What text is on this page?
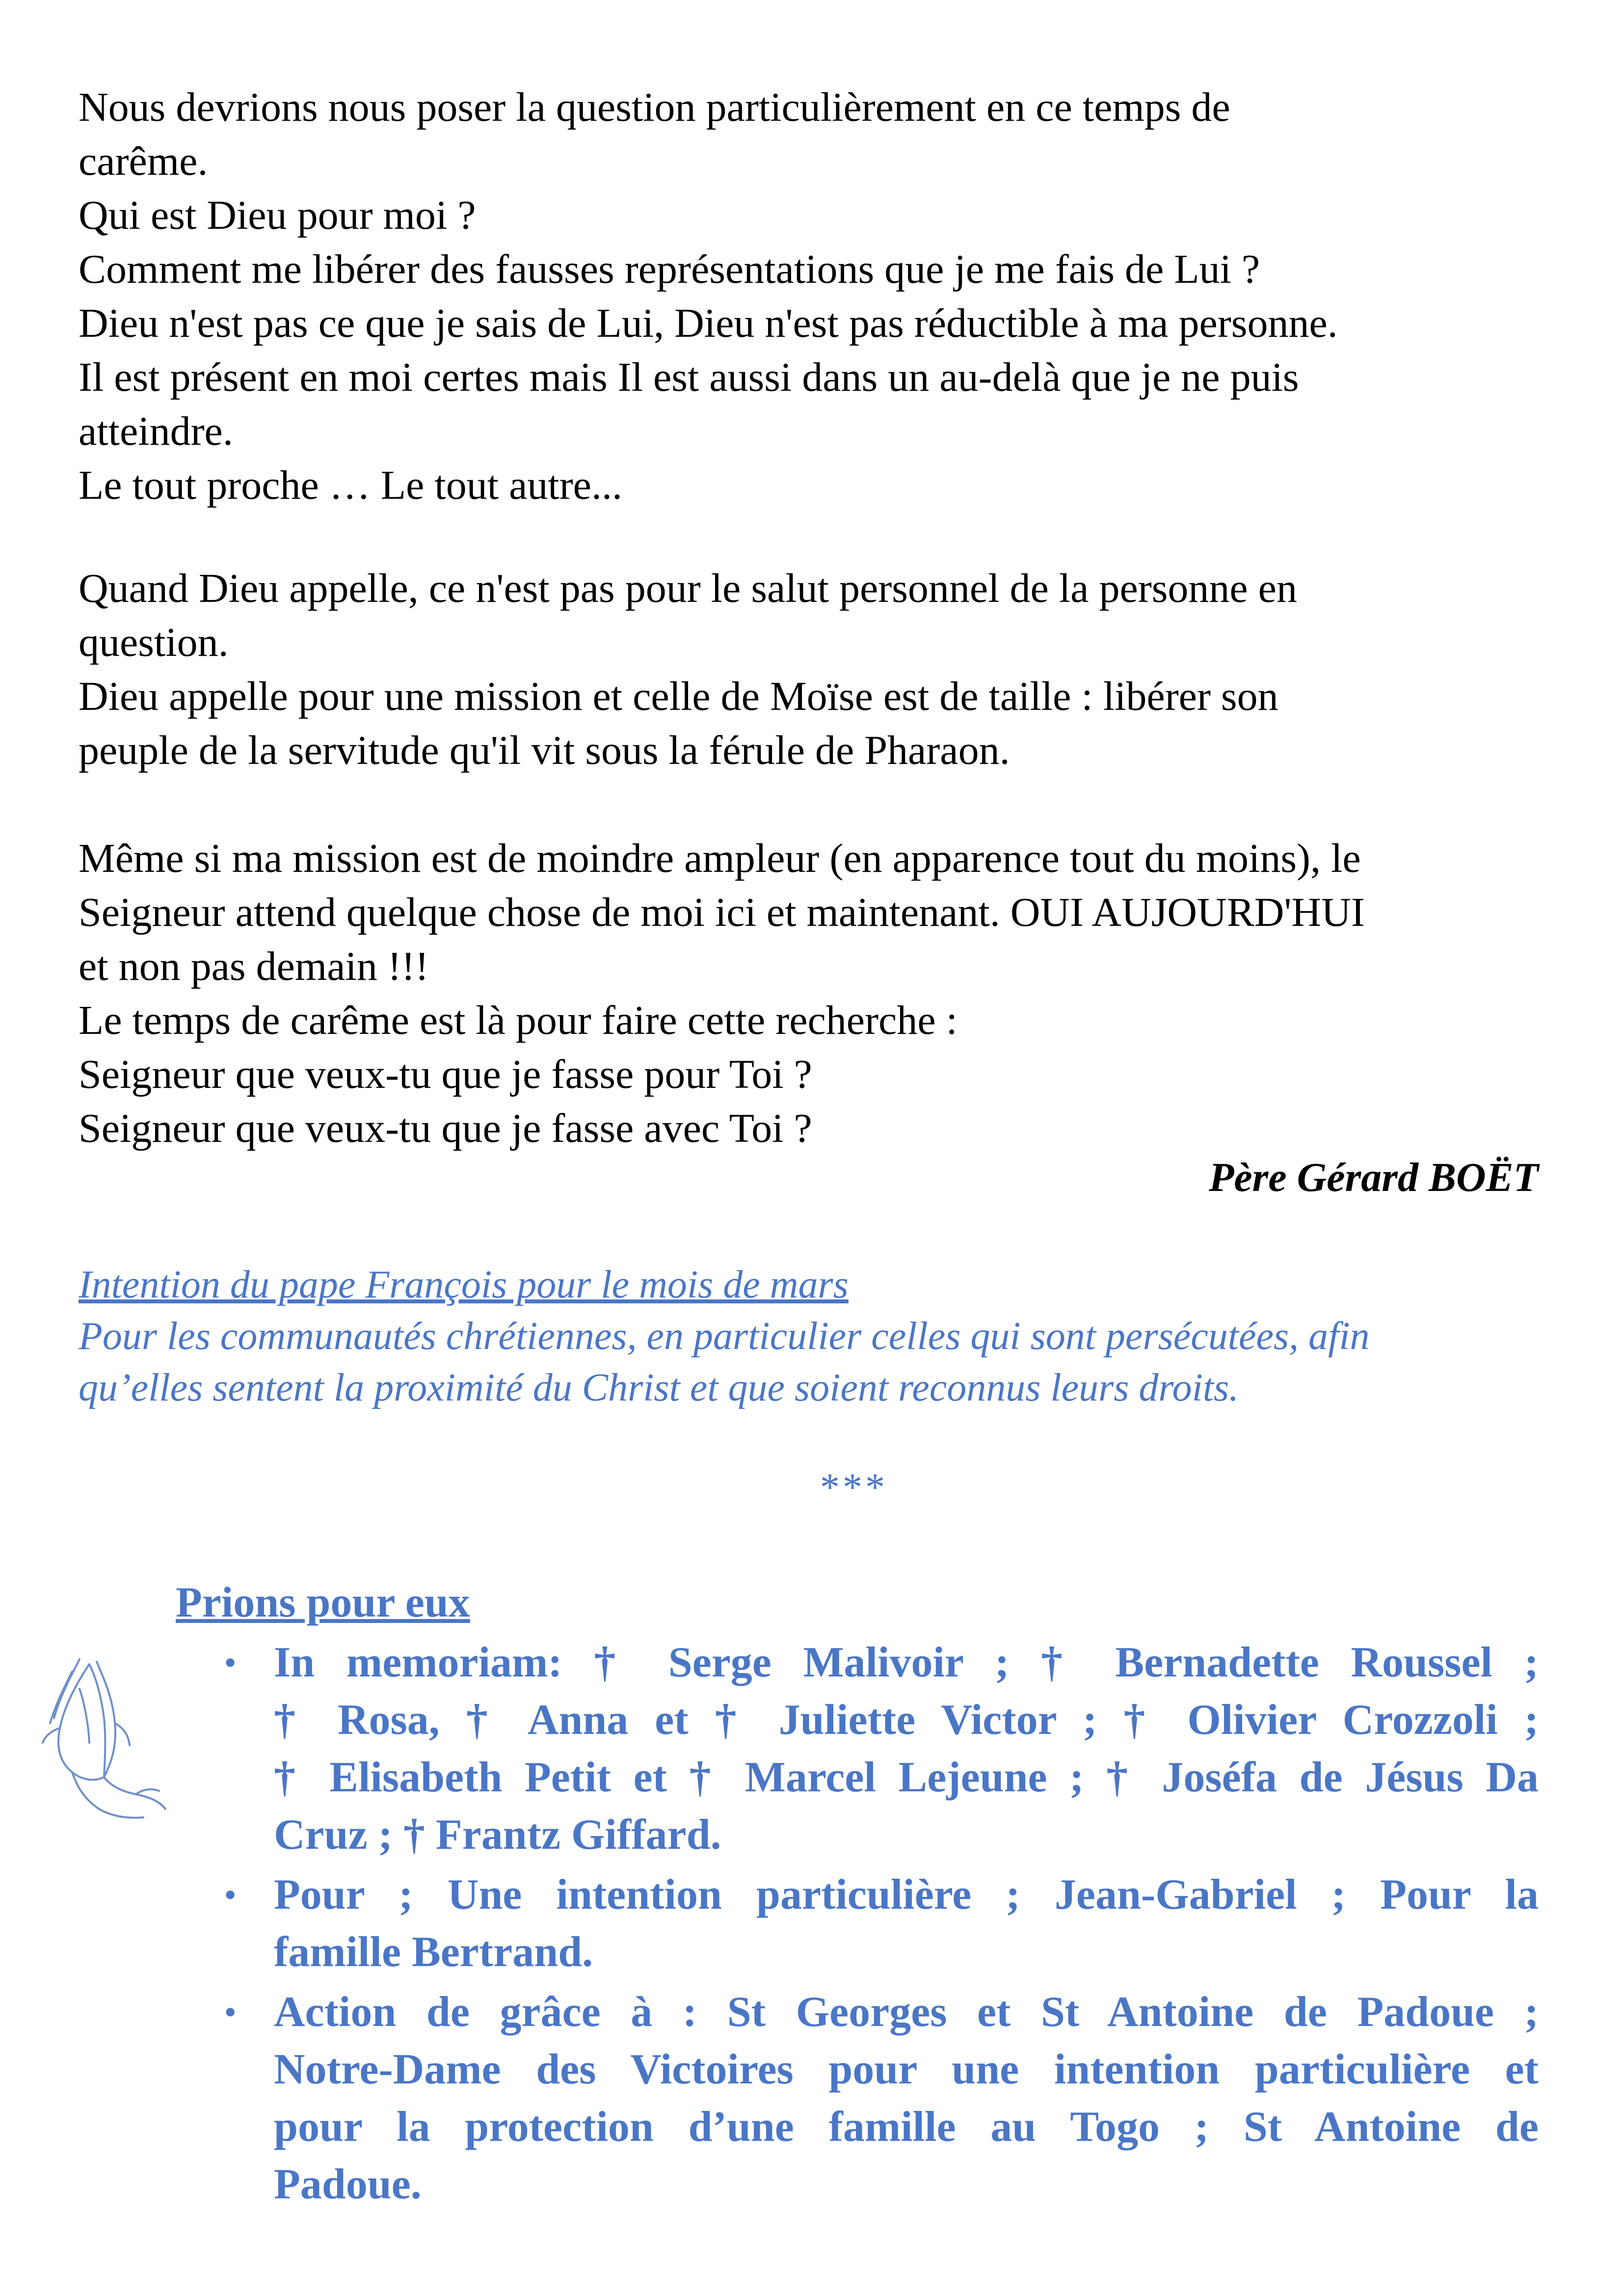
Nous devrions nous poser la question particulièrement en ce temps de
carême.
Qui est Dieu pour moi ?
Comment me libérer des fausses représentations que je me fais de Lui ?
Dieu n'est pas ce que je sais de Lui, Dieu n'est pas réductible à ma personne.
Il est présent en moi certes mais Il est aussi dans un au-delà que je ne puis
atteindre.
Le tout proche … Le tout autre...
Quand Dieu appelle, ce n'est pas pour le salut personnel de la personne en
question.
Dieu appelle pour une mission et celle de Moïse est de taille : libérer son
peuple de la servitude qu'il vit sous la férule de Pharaon.
Même si ma mission est de moindre ampleur (en apparence tout du moins), le
Seigneur attend quelque chose de moi ici et maintenant. OUI AUJOURD'HUI
et non pas demain !!!
Le temps de carême est là pour faire cette recherche :
Seigneur que veux-tu que je fasse pour Toi ?
Seigneur que veux-tu que je fasse avec Toi ?
Père Gérard BOËT
Intention du pape François pour le mois de mars
Pour les communautés chrétiennes, en particulier celles qui sont persécutées, afin
qu’elles sentent la proximité du Christ et que soient reconnus leurs droits.
***
Prions pour eux
• In memoriam: † Serge Malivoir ; † Bernadette Roussel ;
† Rosa, † Anna et † Juliette Victor ; † Olivier Crozzoli ;
† Elisabeth Petit et † Marcel Lejeune ; † Joséfa de Jésus Da
Cruz ; † Frantz Giffard.
• Pour ; Une intention particulière ; Jean-Gabriel ; Pour la
famille Bertrand.
• Action de grâce à : St Georges et St Antoine de Padoue ;
Notre-Dame des Victoires pour une intention particulière et
pour la protection d’une famille au Togo ; St Antoine de
Padoue.
